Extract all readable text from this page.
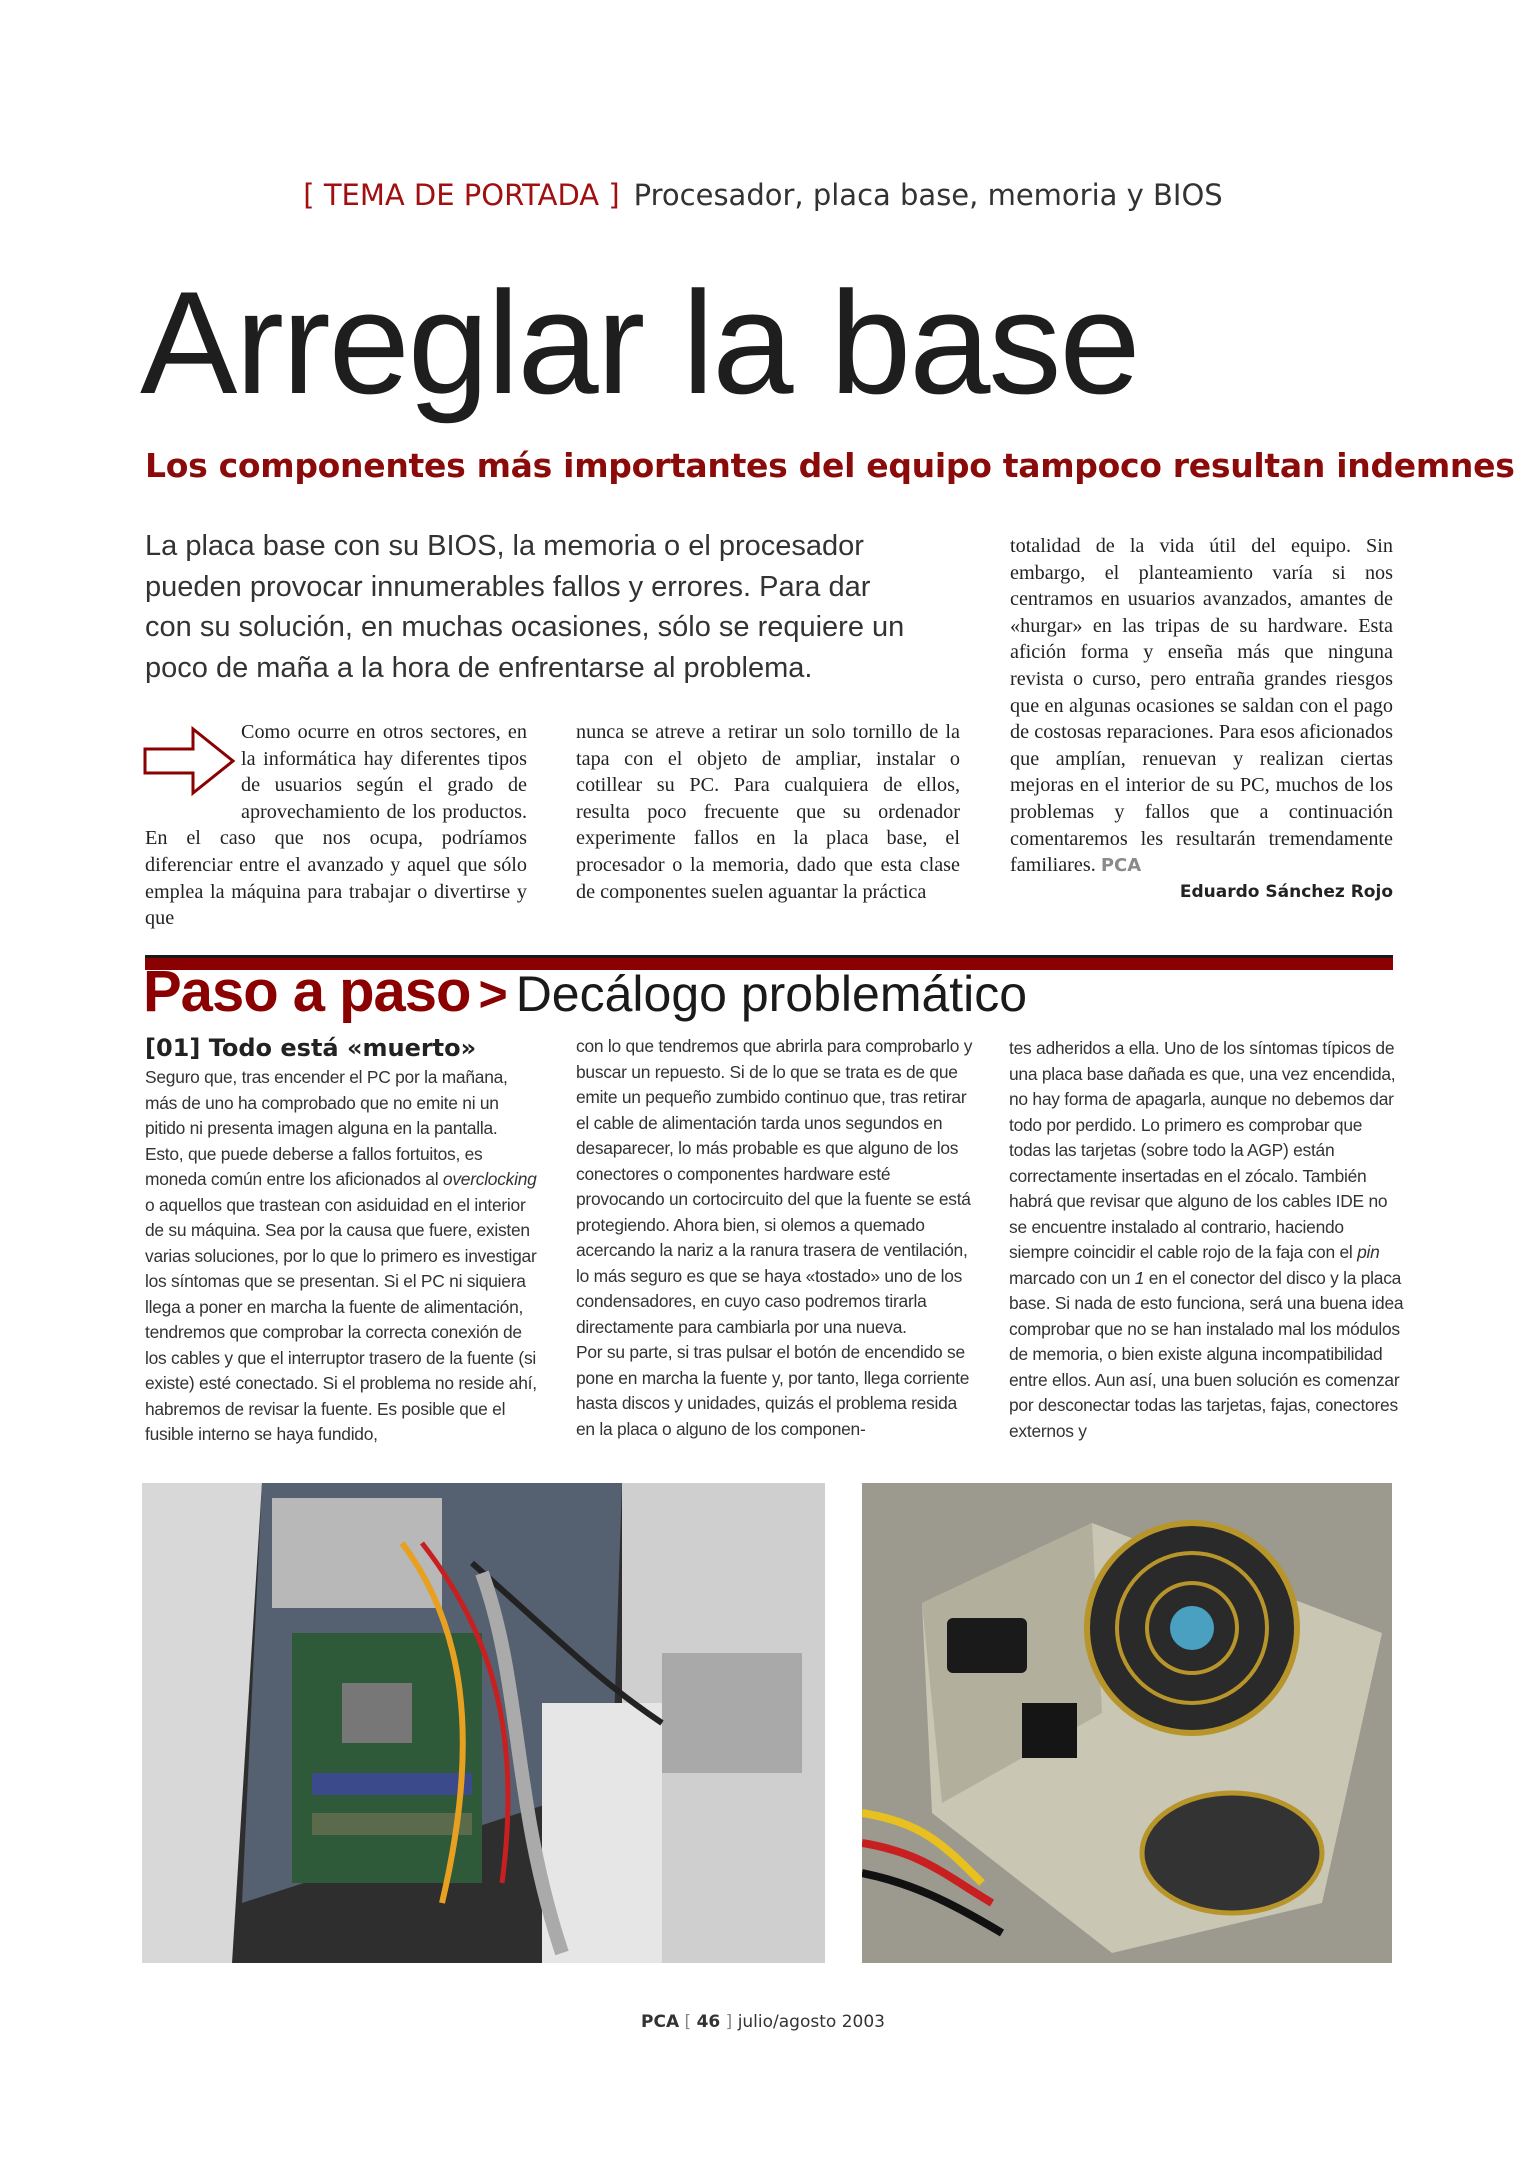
[ TEMA DE PORTADA ] Procesador, placa base, memoria y BIOS
Arreglar la base
Los componentes más importantes del equipo tampoco resultan indemnes
La placa base con su BIOS, la memoria o el procesador pueden provocar innumerables fallos y errores. Para dar con su solución, en muchas ocasiones, sólo se requiere un poco de maña a la hora de enfrentarse al problema.
Como ocurre en otros sectores, en la informática hay diferentes tipos de usuarios según el grado de aprovechamiento de los productos. En el caso que nos ocupa, podríamos diferenciar entre el avanzado y aquel que sólo emplea la máquina para trabajar o divertirse y que
nunca se atreve a retirar un solo tornillo de la tapa con el objeto de ampliar, instalar o cotillear su PC. Para cualquiera de ellos, resulta poco frecuente que su ordenador experimente fallos en la placa base, el procesador o la memoria, dado que esta clase de componentes suelen aguantar la práctica
totalidad de la vida útil del equipo. Sin embargo, el planteamiento varía si nos centramos en usuarios avanzados, amantes de «hurgar» en las tripas de su hardware. Esta afición forma y enseña más que ninguna revista o curso, pero entraña grandes riesgos que en algunas ocasiones se saldan con el pago de costosas reparaciones. Para esos aficionados que amplían, renuevan y realizan ciertas mejoras en el interior de su PC, muchos de los problemas y fallos que a continuación comentaremos les resultarán tremendamente familiares. PCA
Eduardo Sánchez Rojo
Paso a paso > Decálogo problemático
[01] Todo está «muerto»
Seguro que, tras encender el PC por la mañana, más de uno ha comprobado que no emite ni un pitido ni presenta imagen alguna en la pantalla. Esto, que puede deberse a fallos fortuitos, es moneda común entre los aficionados al overclocking o aquellos que trastean con asiduidad en el interior de su máquina. Sea por la causa que fuere, existen varias soluciones, por lo que lo primero es investigar los síntomas que se presentan. Si el PC ni siquiera llega a poner en marcha la fuente de alimentación, tendremos que comprobar la correcta conexión de los cables y que el interruptor trasero de la fuente (si existe) esté conectado. Si el problema no reside ahí, habremos de revisar la fuente. Es posible que el fusible interno se haya fundido,
con lo que tendremos que abrirla para comprobarlo y buscar un repuesto. Si de lo que se trata es de que emite un pequeño zumbido continuo que, tras retirar el cable de alimentación tarda unos segundos en desaparecer, lo más probable es que alguno de los conectores o componentes hardware esté provocando un cortocircuito del que la fuente se está protegiendo. Ahora bien, si olemos a quemado acercando la nariz a la ranura trasera de ventilación, lo más seguro es que se haya «tostado» uno de los condensadores, en cuyo caso podremos tirarla directamente para cambiarla por una nueva.
Por su parte, si tras pulsar el botón de encendido se pone en marcha la fuente y, por tanto, llega corriente hasta discos y unidades, quizás el problema resida en la placa o alguno de los componen-
tes adheridos a ella. Uno de los síntomas típicos de una placa base dañada es que, una vez encendida, no hay forma de apagarla, aunque no debemos dar todo por perdido. Lo primero es comprobar que todas las tarjetas (sobre todo la AGP) están correctamente insertadas en el zócalo. También habrá que revisar que alguno de los cables IDE no se encuentre instalado al contrario, haciendo siempre coincidir el cable rojo de la faja con el pin marcado con un 1 en el conector del disco y la placa base. Si nada de esto funciona, será una buena idea comprobar que no se han instalado mal los módulos de memoria, o bien existe alguna incompatibilidad entre ellos. Aun así, una buen solución es comenzar por desconectar todas las tarjetas, fajas, conectores externos y
PCA [ 46 ] julio/agosto 2003
